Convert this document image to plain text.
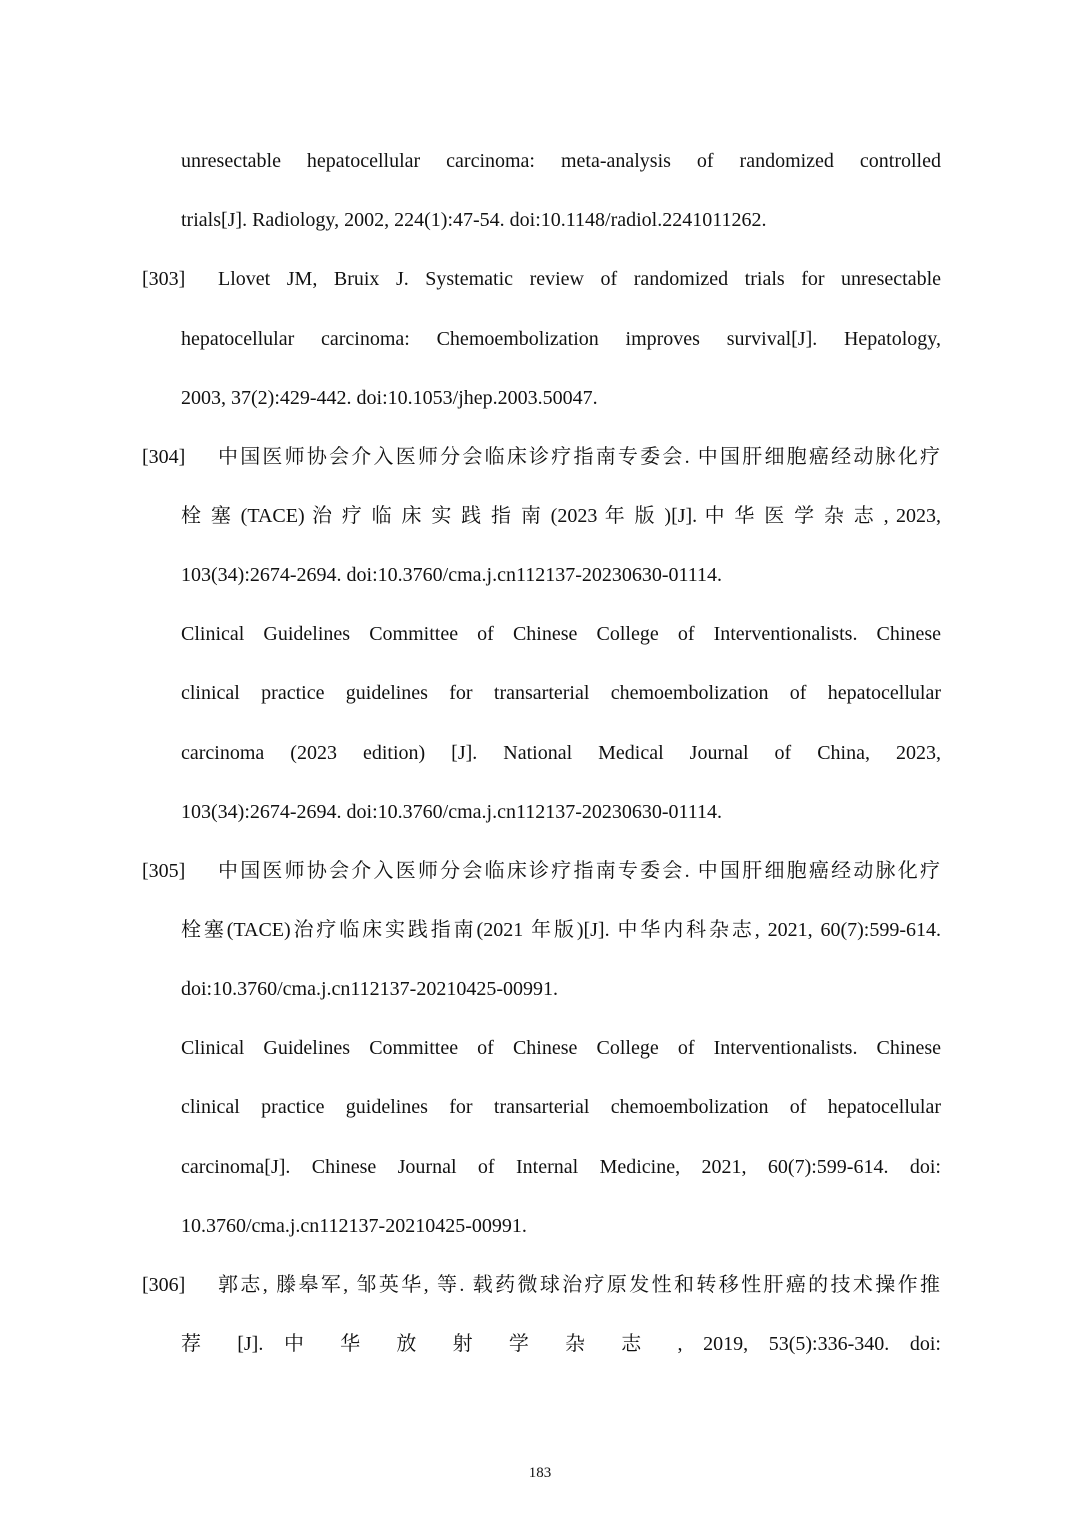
unresectable hepatocellular carcinoma: meta-analysis of randomized controlled
trials[J]. Radiology, 2002, 224(1):47-54. doi:10.1148/radiol.2241011262.
[303] Llovet JM, Bruix J. Systematic review of randomized trials for unresectable
hepatocellular carcinoma: Chemoembolization improves survival[J]. Hepatology,
2003, 37(2):429-442. doi:10.1053/jhep.2003.50047.
[304] 中国医师协会介入医师分会临床诊疗指南专委会. 中国肝细胞癌经动脉化疗
栓 塞 (TACE) 治 疗 临 床 实 践 指 南 (2023 年 版 )[J]. 中 华 医 学 杂 志 , 2023,
103(34):2674-2694. doi:10.3760/cma.j.cn112137-20230630-01114.
Clinical Guidelines Committee of Chinese College of Interventionalists. Chinese
clinical practice guidelines for transarterial chemoembolization of hepatocellular
carcinoma (2023 edition) [J]. National Medical Journal of China, 2023,
103(34):2674-2694. doi:10.3760/cma.j.cn112137-20230630-01114.
[305] 中国医师协会介入医师分会临床诊疗指南专委会. 中国肝细胞癌经动脉化疗
栓塞(TACE)治疗临床实践指南(2021 年版)[J]. 中华内科杂志, 2021, 60(7):599-614.
doi:10.3760/cma.j.cn112137-20210425-00991.
Clinical Guidelines Committee of Chinese College of Interventionalists. Chinese
clinical practice guidelines for transarterial chemoembolization of hepatocellular
carcinoma[J]. Chinese Journal of Internal Medicine, 2021, 60(7):599-614. doi:
10.3760/cma.j.cn112137-20210425-00991.
[306] 郭志, 滕皋军, 邹英华, 等. 载药微球治疗原发性和转移性肝癌的技术操作推
荐 [J]. 中 华 放 射 学 杂 志 , 2019, 53(5):336-340. doi:
183
